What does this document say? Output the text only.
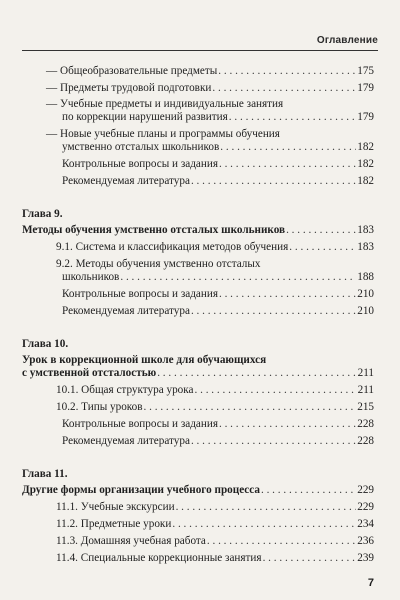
Оглавление
— Общеобразовательные предметы . . .	175
— Предметы трудовой подготовки . . .	179
— Учебные предметы и индивидуальные занятия
по коррекции нарушений развития . . .	179
— Новые учебные планы и программы обучения
умственно отсталых школьников . . .	182
Контрольные вопросы и задания . . .	182
Рекомендуемая литература . . .	182
Глава 9.
Методы обучения умственно отсталых школьников . . .	183
9.1. Система и классификация методов обучения . . .	183
9.2. Методы обучения умственно отсталых
школьников . . .	188
Контрольные вопросы и задания . . .	210
Рекомендуемая литература . . .	210
Глава 10.
Урок в коррекционной школе для обучающихся
с умственной отсталостью . . .	211
10.1. Общая структура урока . . .	211
10.2. Типы уроков . . .	215
Контрольные вопросы и задания . . .	228
Рекомендуемая литература . . .	228
Глава 11.
Другие формы организации учебного процесса . . .	229
11.1. Учебные экскурсии . . .	229
11.2. Предметные уроки . . .	234
11.3. Домашняя учебная работа . . .	236
11.4. Специальные коррекционные занятия . . .	239
7
